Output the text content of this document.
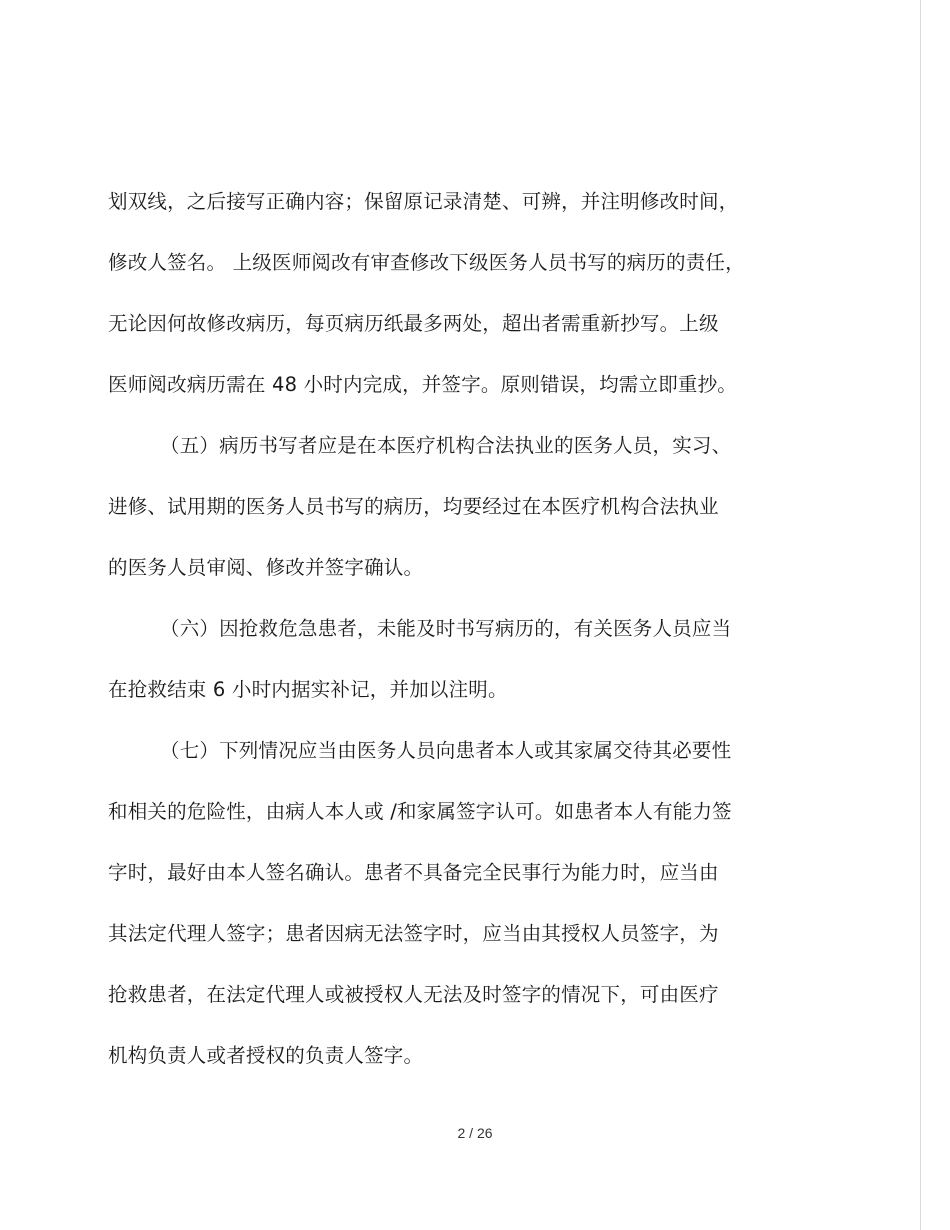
划双线，之后接写正确内容；保留原记录清楚、可辨，并注明修改时间，
修改人签名。 上级医师阅改有审查修改下级医务人员书写的病历的责任，
无论因何故修改病历，每页病历纸最多两处，超出者需重新抄写。上级
医师阅改病历需在 48 小时内完成，并签字。原则错误，均需立即重抄。
（五）病历书写者应是在本医疗机构合法执业的医务人员，实习、
进修、试用期的医务人员书写的病历，均要经过在本医疗机构合法执业
的医务人员审阅、修改并签字确认。
（六）因抢救危急患者，未能及时书写病历的，有关医务人员应当
在抢救结束 6 小时内据实补记，并加以注明。
（七）下列情况应当由医务人员向患者本人或其家属交待其必要性
和相关的危险性，由病人本人或 /和家属签字认可。如患者本人有能力签
字时，最好由本人签名确认。患者不具备完全民事行为能力时，应当由
其法定代理人签字；患者因病无法签字时，应当由其授权人员签字，为
抢救患者，在法定代理人或被授权人无法及时签字的情况下，可由医疗
机构负责人或者授权的负责人签字。
2 / 26
